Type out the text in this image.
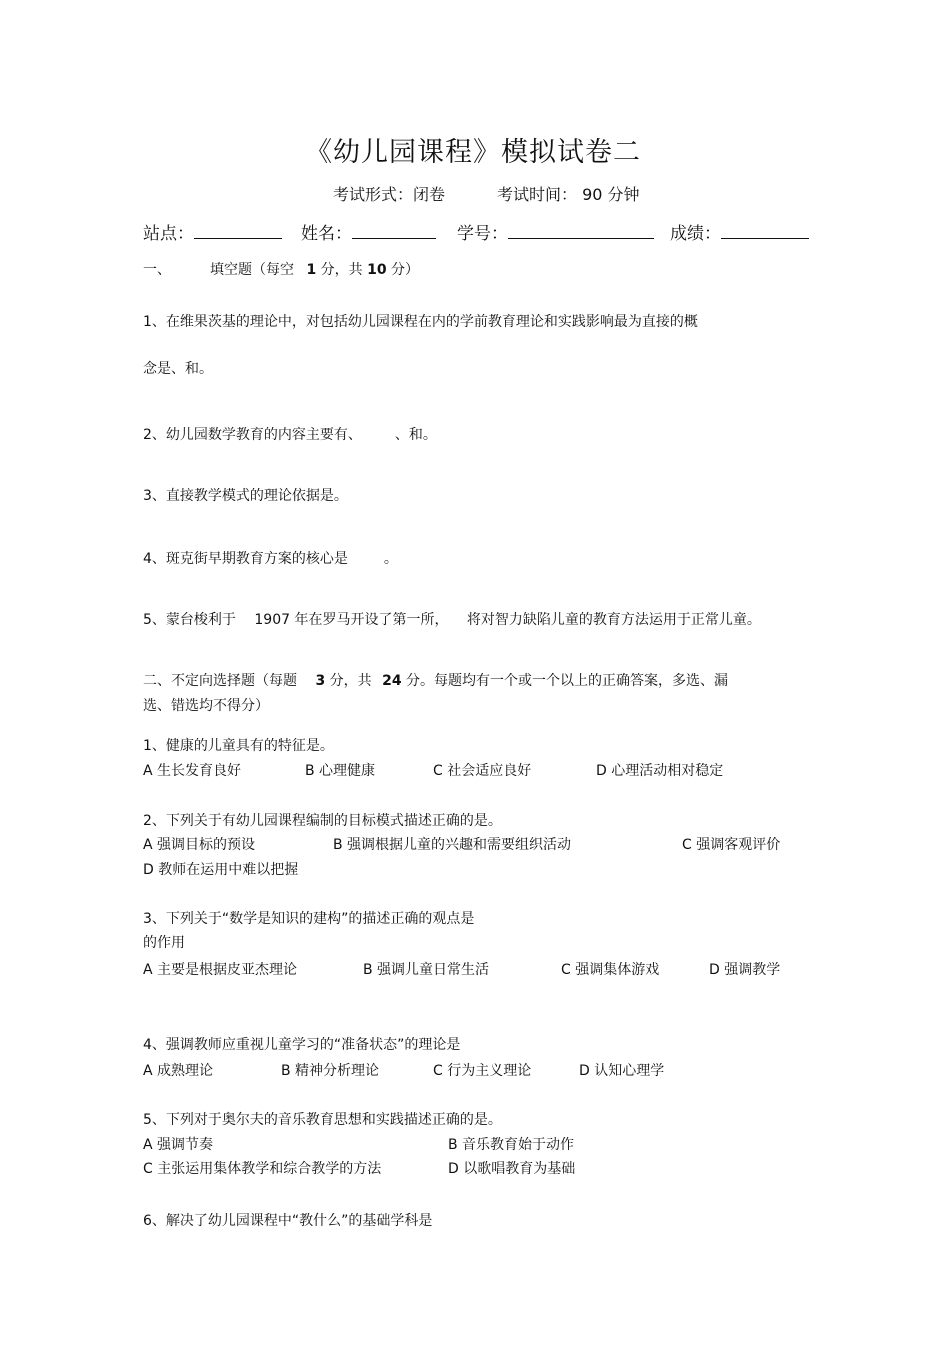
《幼儿园课程》模拟试卷二
考试形式：闭卷	考试时间： 90 分钟
站点：	姓名：	学号：	成绩：
一、	填空题（每空 1 分，共 10 分）
1、在维果茨基的理论中，对包括幼儿园课程在内的学前教育理论和实践影响最为直接的概
念是、和。
2、幼儿园数学教育的内容主要有、	、和。
3、直接教学模式的理论依据是。
4、斑克街早期教育方案的核心是	。
5、蒙台梭利于 1907 年在罗马开设了第一所， 将对智力缺陷儿童的教育方法运用于正常儿童。
二、不定向选择题（每题 3 分，共 24 分。每题均有一个或一个以上的正确答案，多选、漏
选、错选均不得分）
1、健康的儿童具有的特征是。
A 生长发育良好	B 心理健康	C 社会适应良好	D 心理活动相对稳定
2、下列关于有幼儿园课程编制的目标模式描述正确的是。
A 强调目标的预设	B 强调根据儿童的兴趣和需要组织活动	C 强调客观评价
D 教师在运用中难以把握
3、下列关于“数学是知识的建构”的描述正确的观点是
的作用
A 主要是根据皮亚杰理论	B 强调儿童日常生活	C 强调集体游戏	D 强调教学
4、强调教师应重视儿童学习的“准备状态”的理论是
A 成熟理论	B 精神分析理论	C 行为主义理论	D 认知心理学
5、下列对于奥尔夫的音乐教育思想和实践描述正确的是。
A 强调节奏	B 音乐教育始于动作
C 主张运用集体教学和综合教学的方法	D 以歌唱教育为基础
6、解决了幼儿园课程中“教什么”的基础学科是
